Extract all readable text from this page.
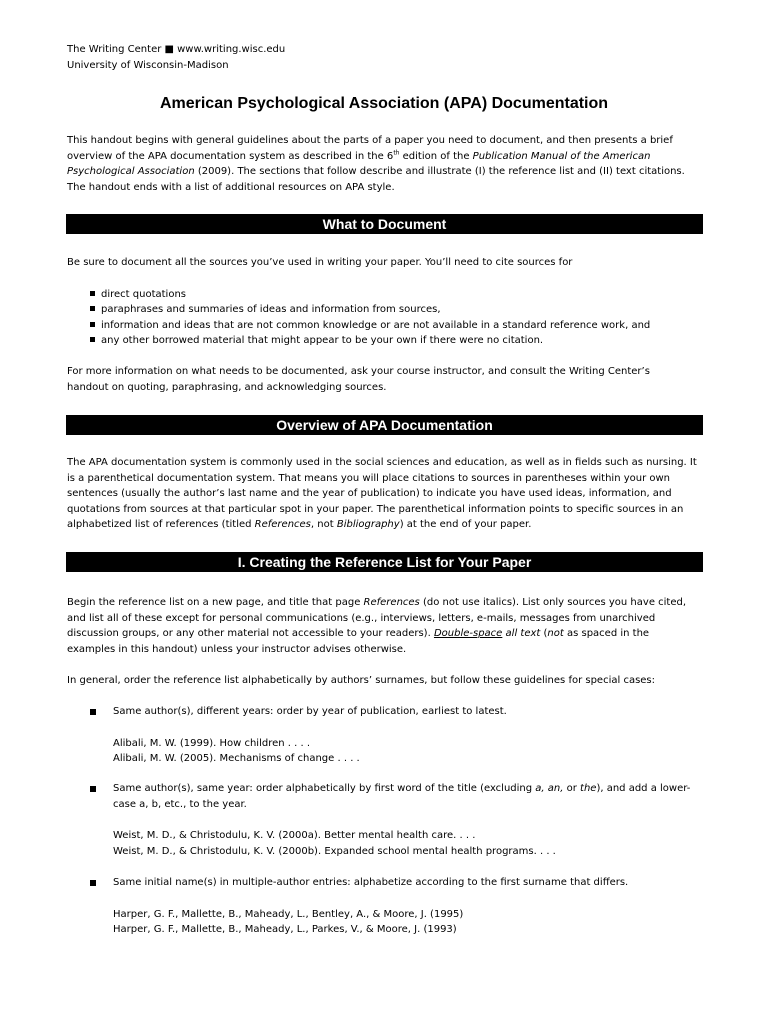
The Writing Center ■ www.writing.wisc.edu
University of Wisconsin-Madison
American Psychological Association (APA) Documentation
This handout begins with general guidelines about the parts of a paper you need to document, and then presents a brief
overview of the APA documentation system as described in the 6th edition of the Publication Manual of the American
Psychological Association (2009). The sections that follow describe and illustrate (I) the reference list and (II) text citations.
The handout ends with a list of additional resources on APA style.
What to Document
Be sure to document all the sources you’ve used in writing your paper. You’ll need to cite sources for
direct quotations
paraphrases and summaries of ideas and information from sources,
information and ideas that are not common knowledge or are not available in a standard reference work, and
any other borrowed material that might appear to be your own if there were no citation.
For more information on what needs to be documented, ask your course instructor, and consult the Writing Center’s
handout on quoting, paraphrasing, and acknowledging sources.
Overview of APA Documentation
The APA documentation system is commonly used in the social sciences and education, as well as in fields such as nursing. It
is a parenthetical documentation system. That means you will place citations to sources in parentheses within your own
sentences (usually the author’s last name and the year of publication) to indicate you have used ideas, information, and
quotations from sources at that particular spot in your paper. The parenthetical information points to specific sources in an
alphabetized list of references (titled References, not Bibliography) at the end of your paper.
I. Creating the Reference List for Your Paper
Begin the reference list on a new page, and title that page References (do not use italics). List only sources you have cited,
and list all of these except for personal communications (e.g., interviews, letters, e-mails, messages from unarchived
discussion groups, or any other material not accessible to your readers). Double-space all text (not as spaced in the
examples in this handout) unless your instructor advises otherwise.
In general, order the reference list alphabetically by authors’ surnames, but follow these guidelines for special cases:
Same author(s), different years: order by year of publication, earliest to latest.
Alibali, M. W. (1999). How children . . . .
Alibali, M. W. (2005). Mechanisms of change . . . .
Same author(s), same year: order alphabetically by first word of the title (excluding a, an, or the), and add a lower-
case a, b, etc., to the year.
Weist, M. D., & Christodulu, K. V. (2000a). Better mental health care. . . .
Weist, M. D., & Christodulu, K. V. (2000b). Expanded school mental health programs. . . .
Same initial name(s) in multiple-author entries: alphabetize according to the first surname that differs.
Harper, G. F., Mallette, B., Maheady, L., Bentley, A., & Moore, J. (1995)
Harper, G. F., Mallette, B., Maheady, L., Parkes, V., & Moore, J. (1993)
